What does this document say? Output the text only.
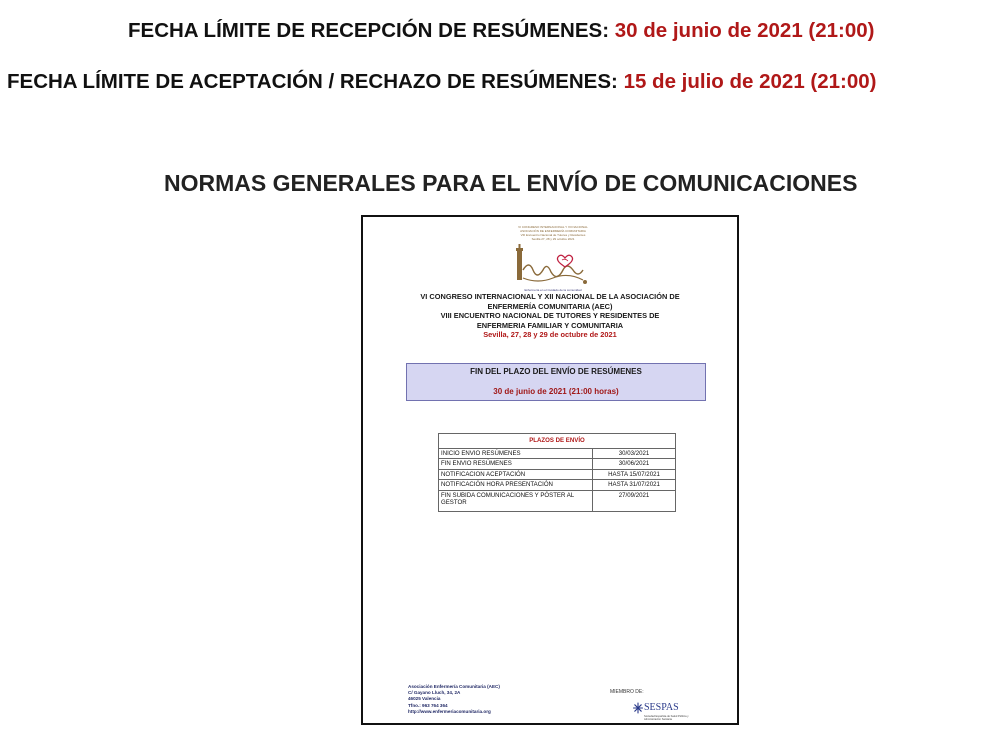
FECHA LÍMITE DE RECEPCIÓN DE RESÚMENES: 30 de junio de 2021 (21:00)
FECHA LÍMITE DE ACEPTACIÓN / RECHAZO DE RESÚMENES: 15 de julio de 2021 (21:00)
NORMAS GENERALES PARA EL ENVÍO DE COMUNICACIONES
VI CONGRESO INTERNACIONAL Y XII NACIONAL
ASOCIACIÓN DE ENFERMERÍA COMUNITARIA
VIII Encuentro Nacional de Tutores y Residentes
Sevilla 27, 28 y 29 octubre 2021
Enfermería en el Cuidado de la comunidad
VI CONGRESO INTERNACIONAL Y XII NACIONAL DE LA ASOCIACIÓN DE
ENFERMERÍA COMUNITARIA (AEC)
VIII ENCUENTRO NACIONAL DE TUTORES Y RESIDENTES DE
ENFERMERIA FAMILIAR Y COMUNITARIA
Sevilla, 27, 28 y 29 de octubre de 2021
FIN DEL PLAZO DEL ENVÍO DE RESÚMENES
30 de junio de 2021 (21:00 horas)
PLAZOS DE ENVÍO	
INICIO ENVIO RESÚMENES	30/03/2021
FIN ENVIO RESÚMENES	30/06/2021
NOTIFICACION ACEPTACIÓN	HASTA 15/07/2021
NOTIFICACIÓN HORA PRESENTACIÓN	HASTA 31/07/2021
FIN SUBIDA COMUNICACIONES Y PÓSTER AL GESTOR	27/09/2021
Asociación Enfermería Comunitaria (AEC)
C/ Gayano Lluch, 34, 2A
46025 Valencia
Tfno.: 963 764 364
http://www.enfermeriacomunitaria.org
MIEMBRO DE:
SESPAS
Sociedad Española de Salud Pública y Administración Sanitaria
